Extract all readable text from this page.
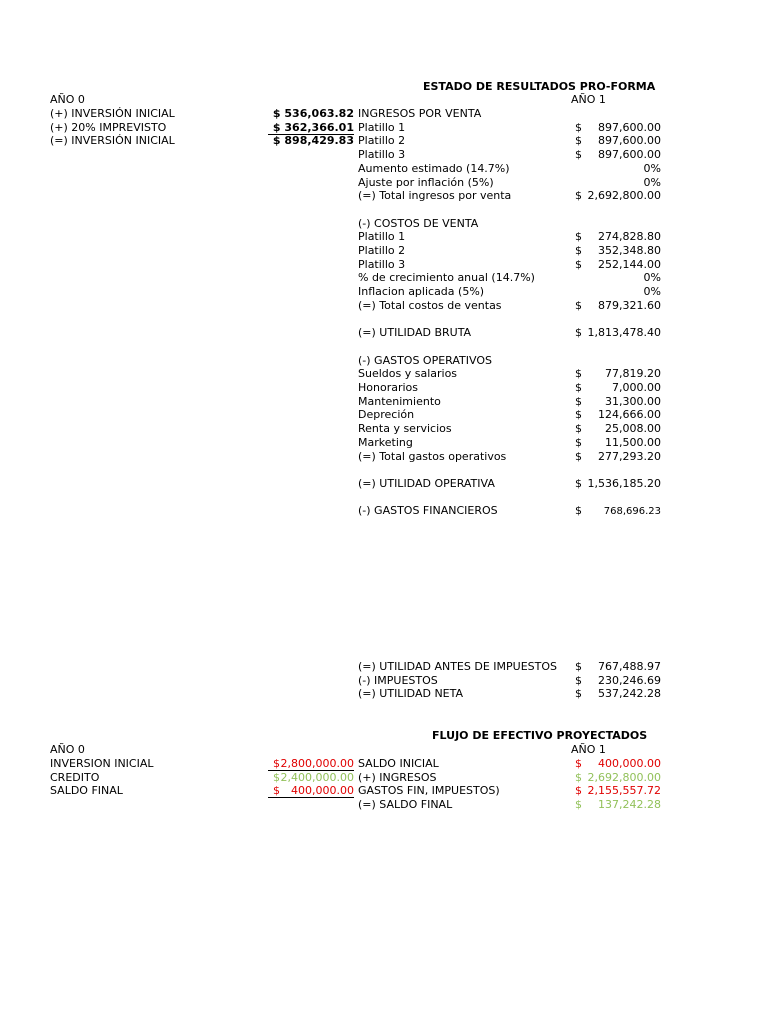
ESTADO DE RESULTADOS PRO-FORMA
AÑO 0	AÑO 1
(+) INVERSIÓN INICIAL	$ 536,063.82
(+) 20% IMPREVISTO	$ 362,366.01
(=) INVERSIÓN INICIAL	$ 898,429.83
INGRESOS POR VENTA
Platillo 1	$	897,600.00
Platillo 2	$	897,600.00
Platillo 3	$	897,600.00
Aumento estimado (14.7%)	0%
Ajuste por inflación (5%)	0%
(=) Total ingresos por venta	$ 2,692,800.00
(-) COSTOS DE VENTA
Platillo 1	$	274,828.80
Platillo 2	$	352,348.80
Platillo 3	$	252,144.00
% de crecimiento anual (14.7%)	0%
Inflacion aplicada (5%)	0%
(=) Total costos de ventas	$	879,321.60
(=) UTILIDAD BRUTA	$ 1,813,478.40
(-) GASTOS OPERATIVOS
Sueldos y salarios	$	77,819.20
Honorarios	$	7,000.00
Mantenimiento	$	31,300.00
Depreción	$	124,666.00
Renta y servicios	$	25,008.00
Marketing	$	11,500.00
(=) Total gastos operativos	$	277,293.20
(=) UTILIDAD OPERATIVA	$ 1,536,185.20
(-) GASTOS FINANCIEROS	$	768,696.23
(=) UTILIDAD ANTES DE IMPUESTOS $	767,488.97
(-) IMPUESTOS	$	230,246.69
(=) UTILIDAD NETA	$	537,242.28
FLUJO DE EFECTIVO PROYECTADOS
AÑO 0	AÑO 1
INVERSION INICIAL	$ 2,800,000.00
CREDITO	$ 2,400,000.00
SALDO FINAL	$	400,000.00
SALDO INICIAL	$	400,000.00
(+) INGRESOS	$ 2,692,800.00
GASTOS FIN, IMPUESTOS)	$ 2,155,557.72
(=) SALDO FINAL	$	137,242.28
